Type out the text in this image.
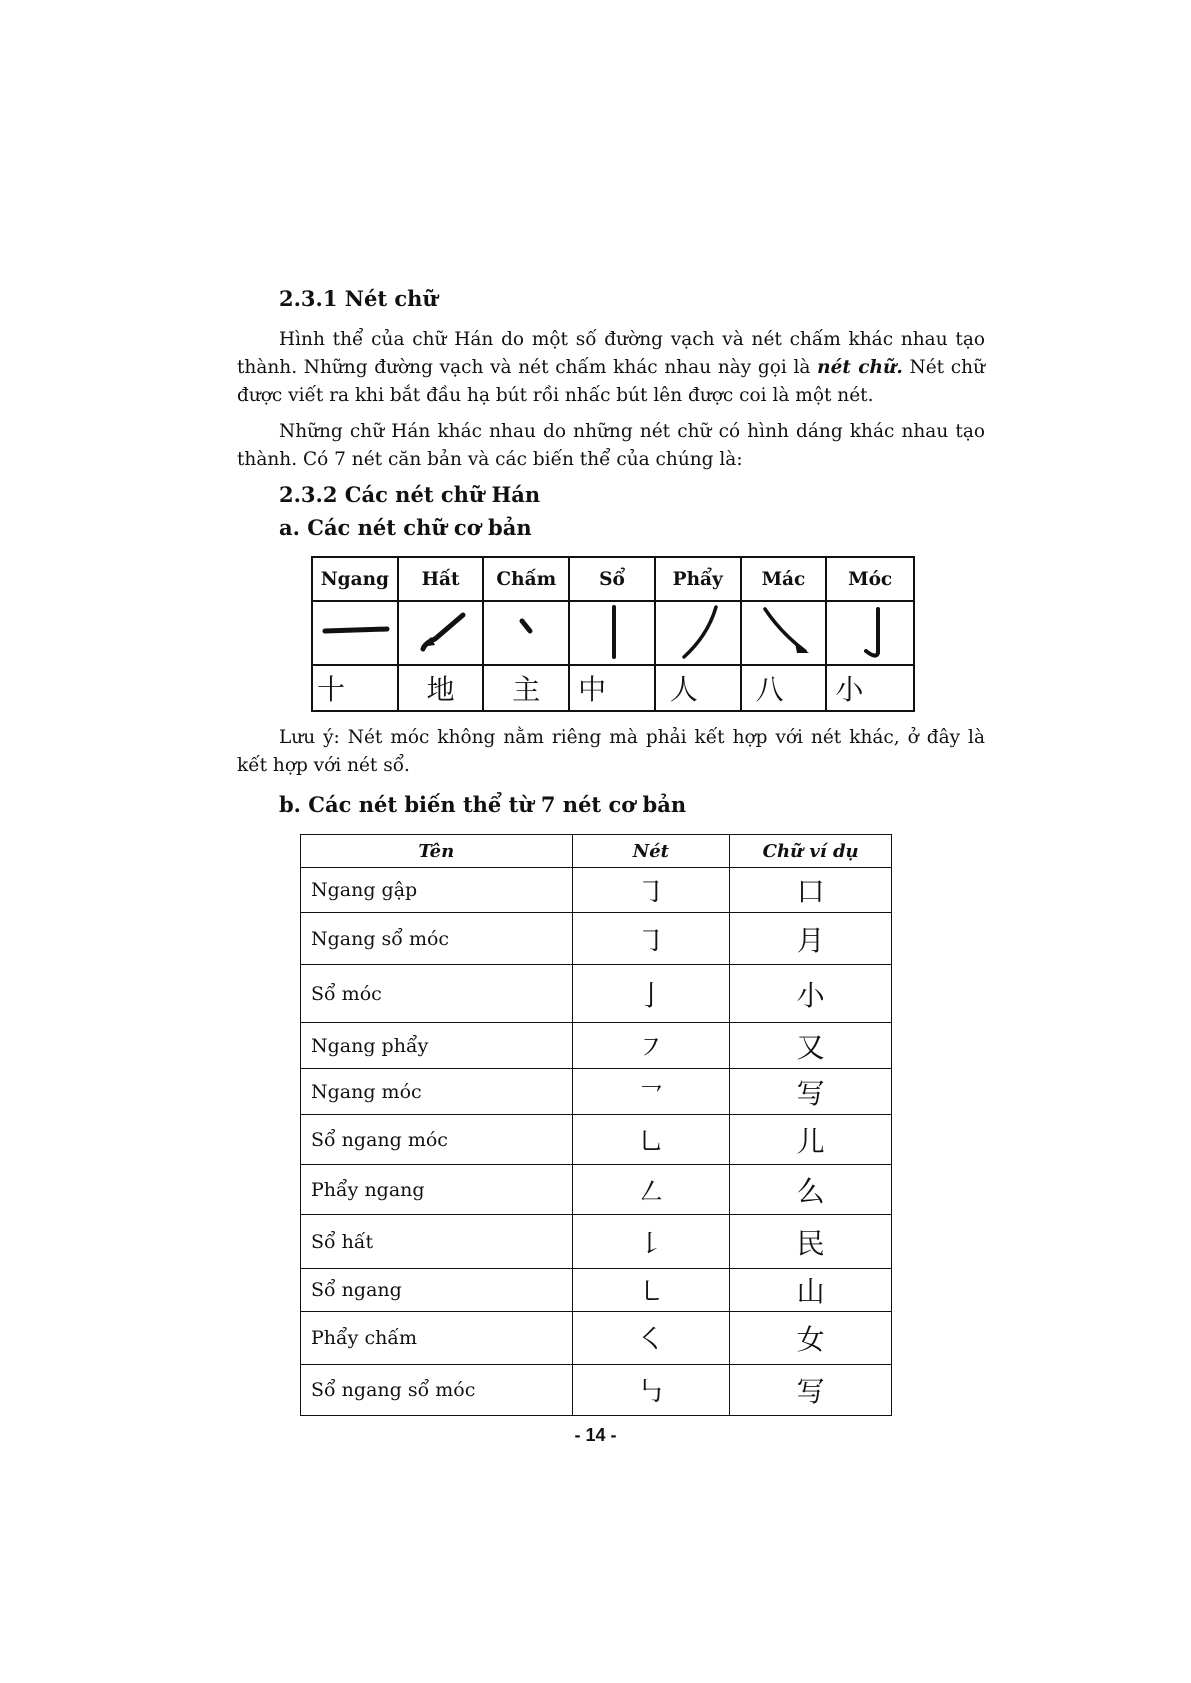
2.3.1 Nét chữ

Hình thể của chữ Hán do một số đường vạch và nét chấm khác nhau tạo thành. Những đường vạch và nét chấm khác nhau này gọi là nét chữ. Nét chữ được viết ra khi bắt đầu hạ bút rồi nhấc bút lên được coi là một nét.

Những chữ Hán khác nhau do những nét chữ có hình dáng khác nhau tạo thành. Có 7 nét căn bản và các biến thể của chúng là:

2.3.2 Các nét chữ Hán
a. Các nét chữ cơ bản
Ngang	Hất	Chấm	Sổ	Phẩy	Mác	Móc

十	地	主	中	人	八	小

Lưu ý: Nét móc không nằm riêng mà phải kết hợp với nét khác, ở đây là kết hợp với nét sổ.

b. Các nét biến thể từ 7 nét cơ bản
Tên	Nét	Chữ ví dụ
Ngang gập	㇆	口
Ngang sổ móc	㇆	月
Sổ móc	亅	小
Ngang phẩy	㇇	又
Ngang móc	㇖	写
Sổ ngang móc	㇟	儿
Phẩy ngang	㇜	么
Sổ hất	㇙	民
Sổ ngang	㇄	山
Phẩy chấm	㇛	女
Sổ ngang sổ móc	㇉	写
- 14 -
